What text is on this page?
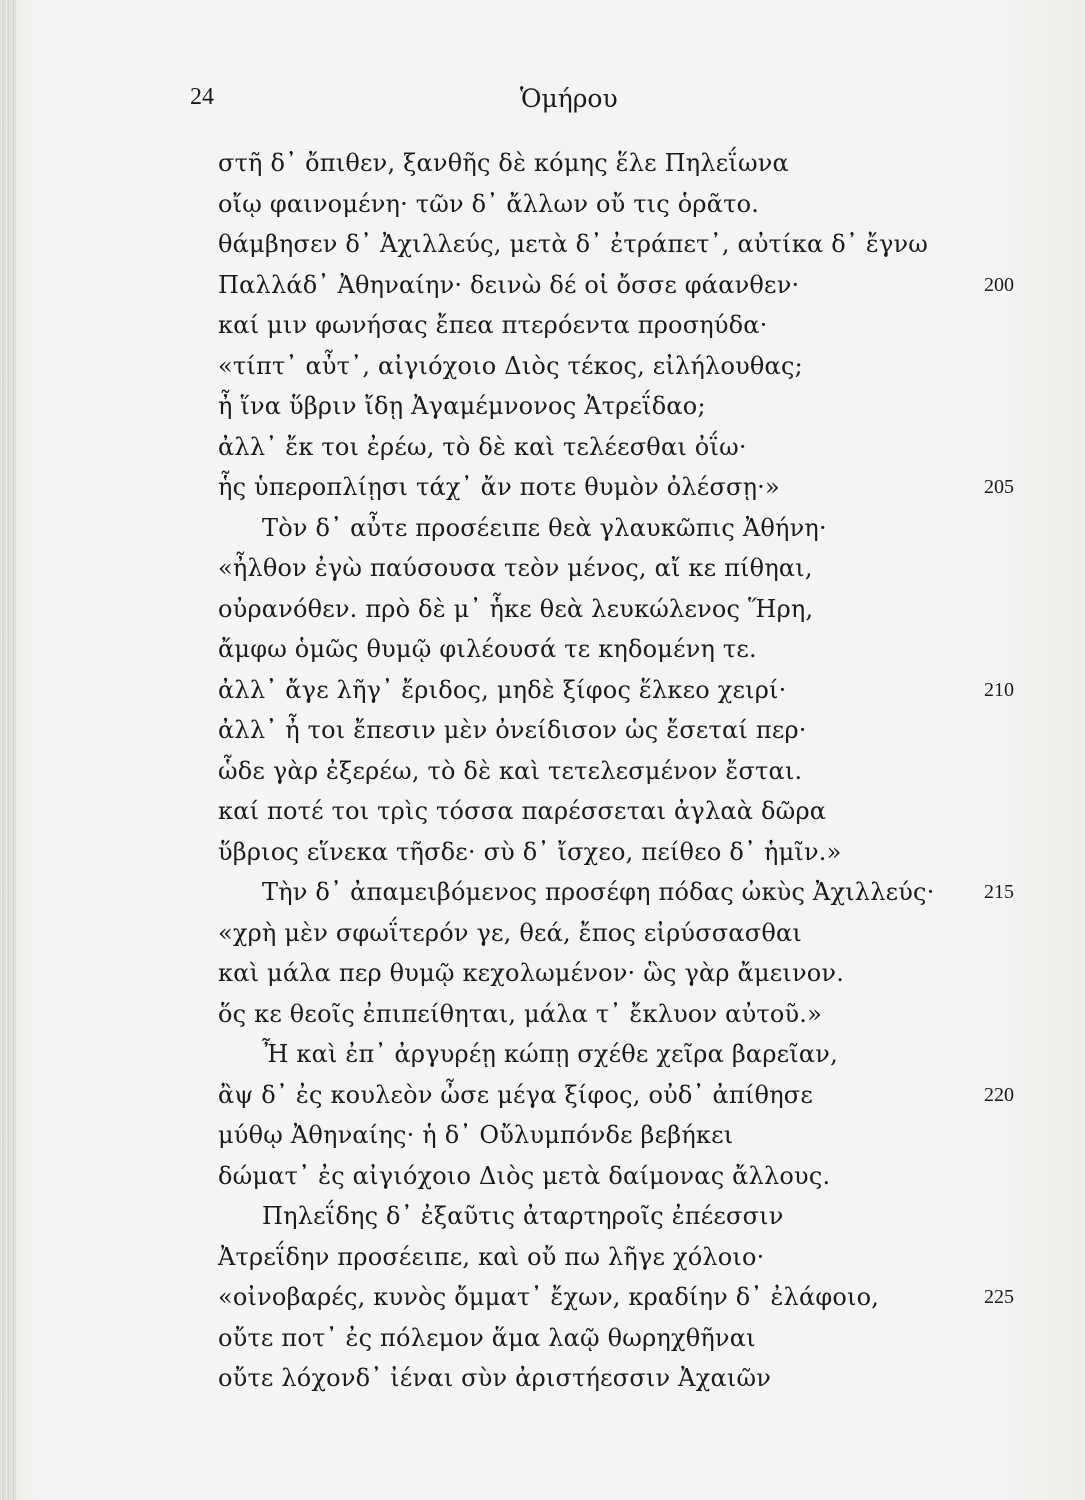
24	Ὁμήρου
στῆ δ᾽ ὄπιθεν, ξανθῆς δὲ κόμης ἕλε Πηλεΐωνα
οἴῳ φαινομένη· τῶν δ᾽ ἄλλων οὔ τις ὁρᾶτο.
θάμβησεν δ᾽ Ἀχιλλεύς, μετὰ δ᾽ ἐτράπετ᾽, αὐτίκα δ᾽ ἔγνω
Παλλάδ᾽ Ἀθηναίην· δεινὼ δέ οἱ ὄσσε φάανθεν·	200
καί μιν φωνήσας ἔπεα πτερόεντα προσηύδα·
«τίπτ᾽ αὖτ᾽, αἰγιόχοιο Διὸς τέκος, εἰλήλουθας;
ἦ ἵνα ὕβριν ἴδῃ Ἀγαμέμνονος Ἀτρεΐδαο;
ἀλλ᾽ ἔκ τοι ἐρέω, τὸ δὲ καὶ τελέεσθαι ὀΐω·
ἧς ὑπεροπλίῃσι τάχ᾽ ἄν ποτε θυμὸν ὀλέσσῃ·»	205
Τὸν δ᾽ αὖτε προσέειπε θεὰ γλαυκῶπις Ἀθήνη·
«ἦλθον ἐγὼ παύσουσα τεὸν μένος, αἴ κε πίθηαι,
οὐρανόθεν. πρὸ δὲ μ᾽ ἧκε θεὰ λευκώλενος Ἥρη,
ἄμφω ὁμῶς θυμῷ φιλέουσά τε κηδομένη τε.
ἀλλ᾽ ἄγε λῆγ᾽ ἔριδος, μηδὲ ξίφος ἕλκεο χειρί·	210
ἀλλ᾽ ἦ τοι ἔπεσιν μὲν ὀνείδισον ὡς ἔσεταί περ·
ὧδε γὰρ ἐξερέω, τὸ δὲ καὶ τετελεσμένον ἔσται.
καί ποτέ τοι τρὶς τόσσα παρέσσεται ἀγλαὰ δῶρα
ὕβριος εἵνεκα τῆσδε· σὺ δ᾽ ἴσχεο, πείθεο δ᾽ ἡμῖν.»
Τὴν δ᾽ ἀπαμειβόμενος προσέφη πόδας ὠκὺς Ἀχιλλεύς·	215
«χρὴ μὲν σφωΐτερόν γε, θεά, ἔπος εἰρύσσασθαι
καὶ μάλα περ θυμῷ κεχολωμένον· ὣς γὰρ ἄμεινον.
ὅς κε θεοῖς ἐπιπείθηται, μάλα τ᾽ ἔκλυον αὐτοῦ.»
Ἦ καὶ ἐπ᾽ ἀργυρέῃ κώπῃ σχέθε χεῖρα βαρεῖαν,
ἂψ δ᾽ ἐς κουλεὸν ὦσε μέγα ξίφος, οὐδ᾽ ἀπίθησε	220
μύθῳ Ἀθηναίης· ἡ δ᾽ Οὔλυμπόνδε βεβήκει
δώματ᾽ ἐς αἰγιόχοιο Διὸς μετὰ δαίμονας ἄλλους.
Πηλεΐδης δ᾽ ἐξαῦτις ἀταρτηροῖς ἐπέεσσιν
Ἀτρεΐδην προσέειπε, καὶ οὔ πω λῆγε χόλοιο·
«οἰνοβαρές, κυνὸς ὄμματ᾽ ἔχων, κραδίην δ᾽ ἐλάφοιο,	225
οὔτε ποτ᾽ ἐς πόλεμον ἅμα λαῷ θωρηχθῆναι
οὔτε λόχονδ᾽ ἰέναι σὺν ἀριστήεσσιν Ἀχαιῶν
